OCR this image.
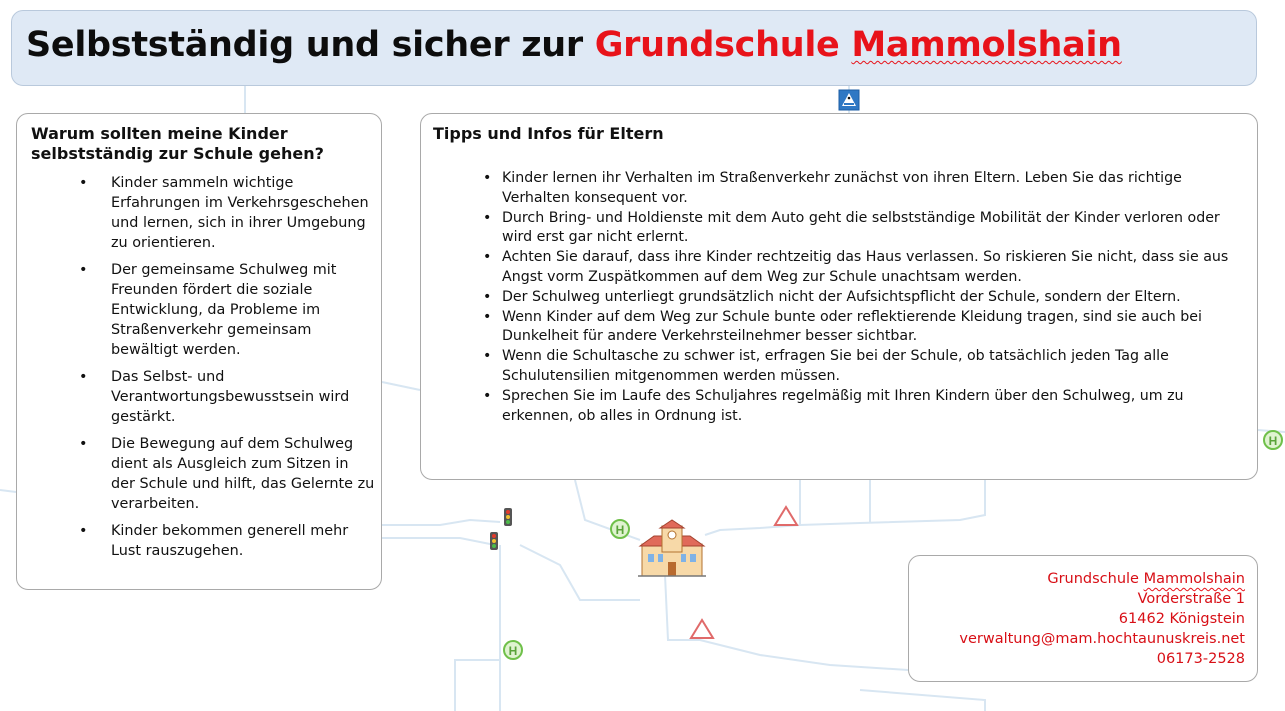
H
H
H
Selbstständig und sicher zur Grundschule Mammolshain
Warum sollten meine Kinder selbstständig zur Schule gehen?
• Kinder sammeln wichtige Erfahrungen im Verkehrsgeschehen und lernen, sich in ihrer Umgebung zu orientieren.
• Der gemeinsame Schulweg mit Freunden fördert die soziale Entwicklung, da Probleme im Straßenverkehr gemeinsam bewältigt werden.
• Das Selbst- und Verantwortungsbewusstsein wird gestärkt.
• Die Bewegung auf dem Schulweg dient als Ausgleich zum Sitzen in der Schule und hilft, das Gelernte zu verarbeiten.
• Kinder bekommen generell mehr Lust rauszugehen.
Tipps und Infos für Eltern
• Kinder lernen ihr Verhalten im Straßenverkehr zunächst von ihren Eltern. Leben Sie das richtige Verhalten konsequent vor.
• Durch Bring- und Holdienste mit dem Auto geht die selbstständige Mobilität der Kinder verloren oder wird erst gar nicht erlernt.
• Achten Sie darauf, dass ihre Kinder rechtzeitig das Haus verlassen. So riskieren Sie nicht, dass sie aus Angst vorm Zuspätkommen auf dem Weg zur Schule unachtsam werden.
• Der Schulweg unterliegt grundsätzlich nicht der Aufsichtspflicht der Schule, sondern der Eltern.
• Wenn Kinder auf dem Weg zur Schule bunte oder reflektierende Kleidung tragen, sind sie auch bei Dunkelheit für andere Verkehrsteilnehmer besser sichtbar.
• Wenn die Schultasche zu schwer ist, erfragen Sie bei der Schule, ob tatsächlich jeden Tag alle Schulutensilien mitgenommen werden müssen.
• Sprechen Sie im Laufe des Schuljahres regelmäßig mit Ihren Kindern über den Schulweg, um zu erkennen, ob alles in Ordnung ist.
Grundschule Mammolshain
Vorderstraße 1
61462 Königstein
verwaltung@mam.hochtaunuskreis.net
06173-2528
